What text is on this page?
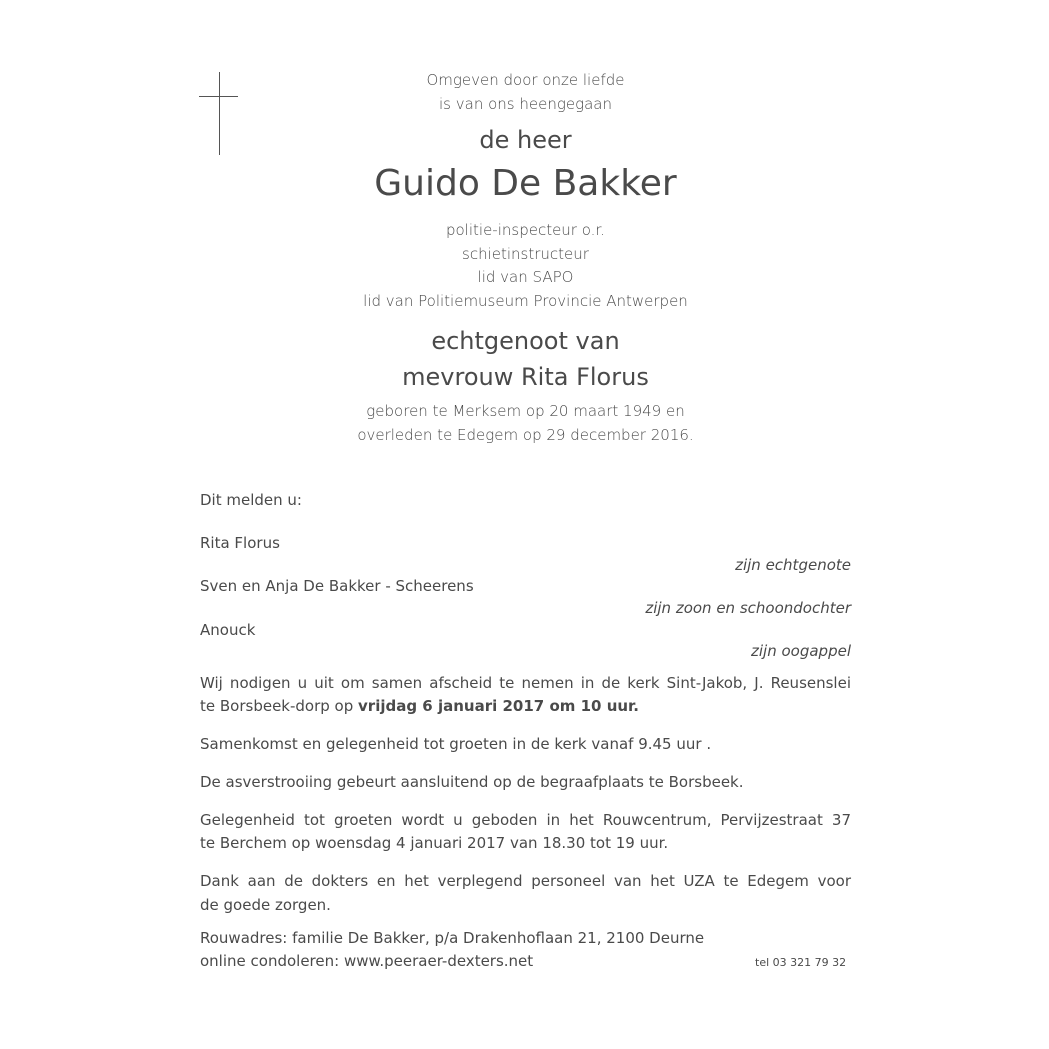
Omgeven door onze liefde

is van ons heengegaan

de heer

Guido De Bakker

politie-inspecteur o.r.

schietinstructeur

lid van SAPO

lid van Politiemuseum Provincie Antwerpen

echtgenoot van

mevrouw Rita Florus

geboren te Merksem op 20 maart 1949 en

overleden te Edegem op 29 december 2016.

Dit melden u:

Rita Florus

zijn echtgenote

Sven en Anja De Bakker - Scheerens

zijn zoon en schoondochter

Anouck

zijn oogappel

Wij nodigen u uit om samen afscheid te nemen in de kerk Sint-Jakob, J. Reusenslei

te Borsbeek-dorp op vrijdag 6 januari 2017 om 10 uur.

Samenkomst en gelegenheid tot groeten in de kerk vanaf 9.45 uur .

De asverstrooiing gebeurt aansluitend op de begraafplaats te Borsbeek.

Gelegenheid tot groeten wordt u geboden in het Rouwcentrum, Pervijzestraat 37

te Berchem op woensdag 4 januari 2017 van 18.30 tot 19 uur.

Dank aan de dokters en het verplegend personeel van het UZA te Edegem voor

de goede zorgen.

Rouwadres: familie De Bakker, p/a Drakenhoflaan 21, 2100 Deurne

online condoleren: www.peeraer-dexters.net	tel 03 321 79 32
